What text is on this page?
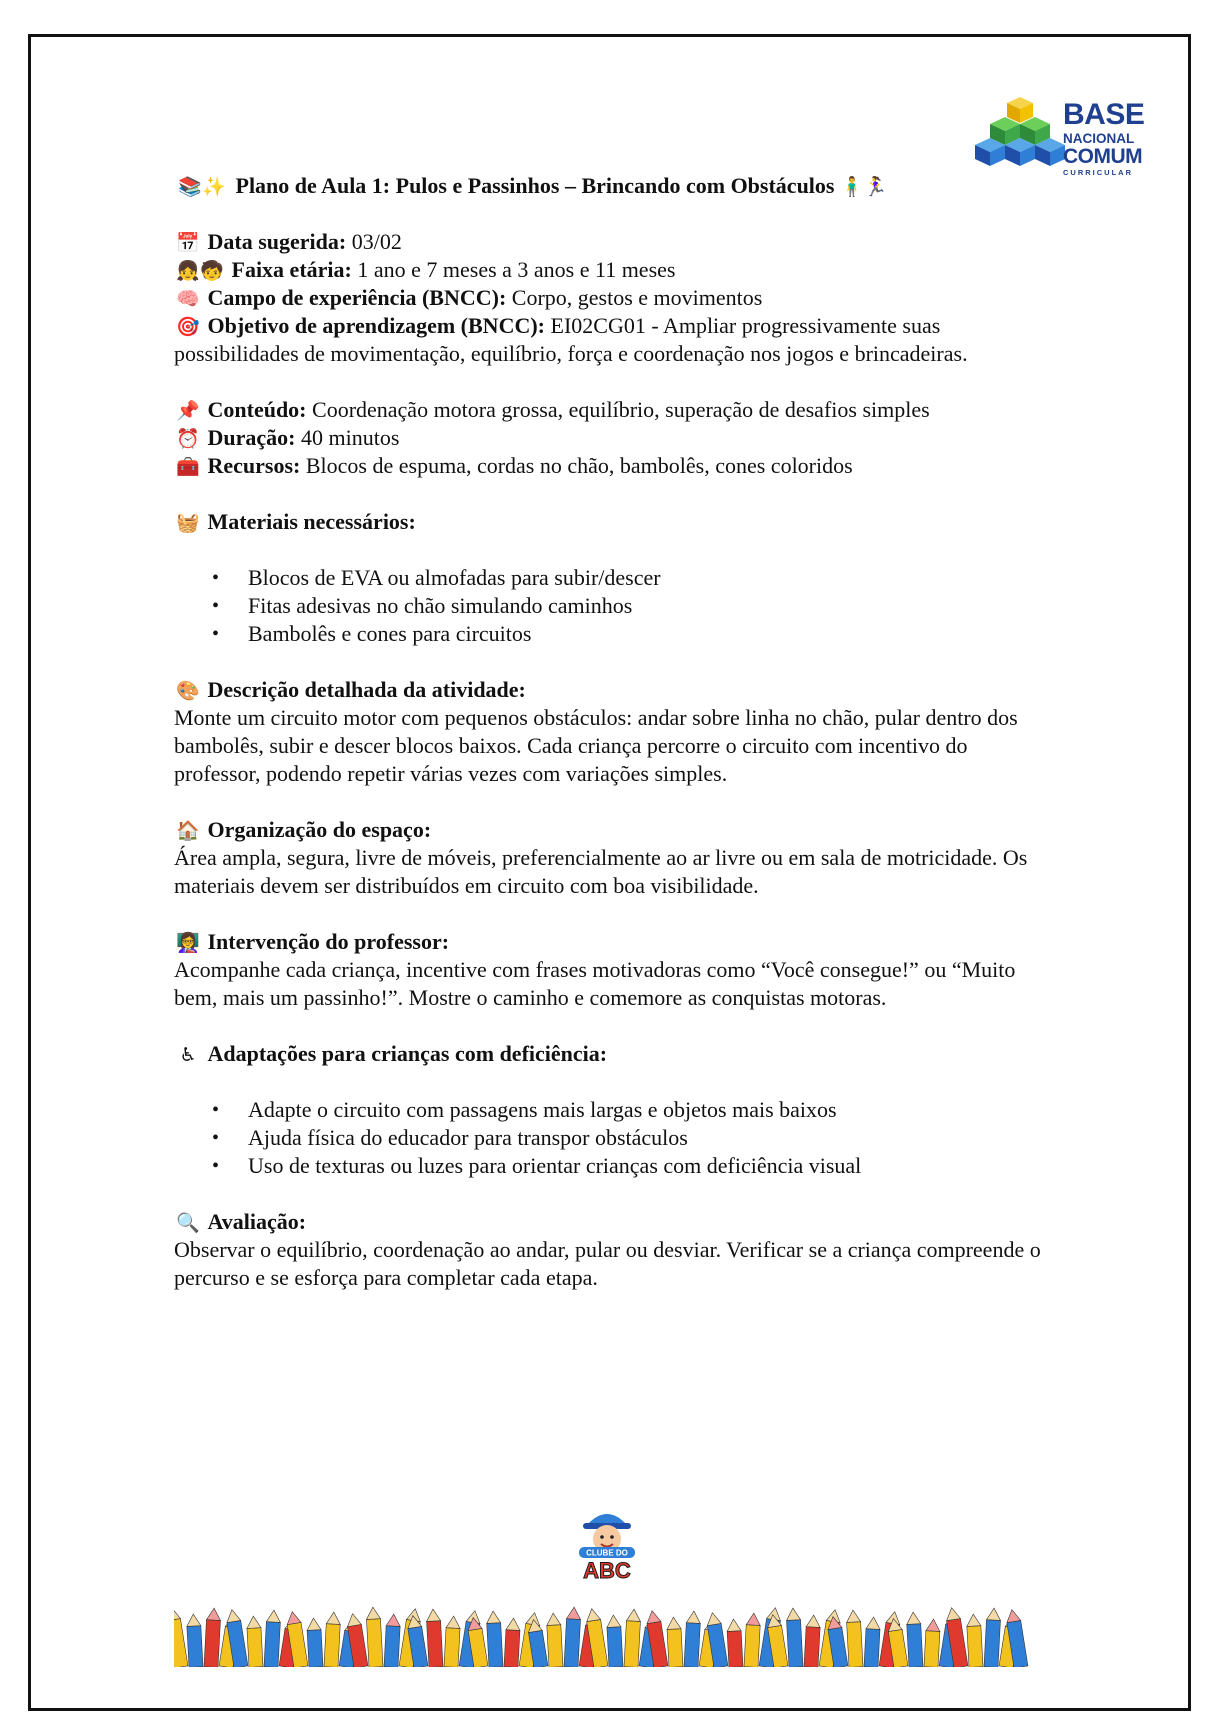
BASE
NACIONAL
COMUM
CURRICULAR

📚✨ Plano de Aula 1: Pulos e Passinhos – Brincando com Obstáculos 🧍‍♂️🏃‍♀️

📅 Data sugerida: 03/02

👧🧒 Faixa etária: 1 ano e 7 meses a 3 anos e 11 meses

🧠 Campo de experiência (BNCC): Corpo, gestos e movimentos

🎯 Objetivo de aprendizagem (BNCC): EI02CG01 - Ampliar progressivamente suas possibilidades de movimentação, equilíbrio, força e coordenação nos jogos e brincadeiras.

📌 Conteúdo: Coordenação motora grossa, equilíbrio, superação de desafios simples

⏰ Duração: 40 minutos

🧰 Recursos: Blocos de espuma, cordas no chão, bambolês, cones coloridos

🧺 Materiais necessários:

• Blocos de EVA ou almofadas para subir/descer
• Fitas adesivas no chão simulando caminhos
• Bambolês e cones para circuitos

🎨 Descrição detalhada da atividade:

Monte um circuito motor com pequenos obstáculos: andar sobre linha no chão, pular dentro dos bambolês, subir e descer blocos baixos. Cada criança percorre o circuito com incentivo do professor, podendo repetir várias vezes com variações simples.

🏠 Organização do espaço:

Área ampla, segura, livre de móveis, preferencialmente ao ar livre ou em sala de motricidade. Os materiais devem ser distribuídos em circuito com boa visibilidade.

👩‍🏫 Intervenção do professor:

Acompanhe cada criança, incentive com frases motivadoras como “Você consegue!” ou “Muito bem, mais um passinho!”. Mostre o caminho e comemore as conquistas motoras.

♿ Adaptações para crianças com deficiência:

• Adapte o circuito com passagens mais largas e objetos mais baixos
• Ajuda física do educador para transpor obstáculos
• Uso de texturas ou luzes para orientar crianças com deficiência visual

🔍 Avaliação:

Observar o equilíbrio, coordenação ao andar, pular ou desviar. Verificar se a criança compreende o percurso e se esforça para completar cada etapa.

CLUBE DO
ABC
